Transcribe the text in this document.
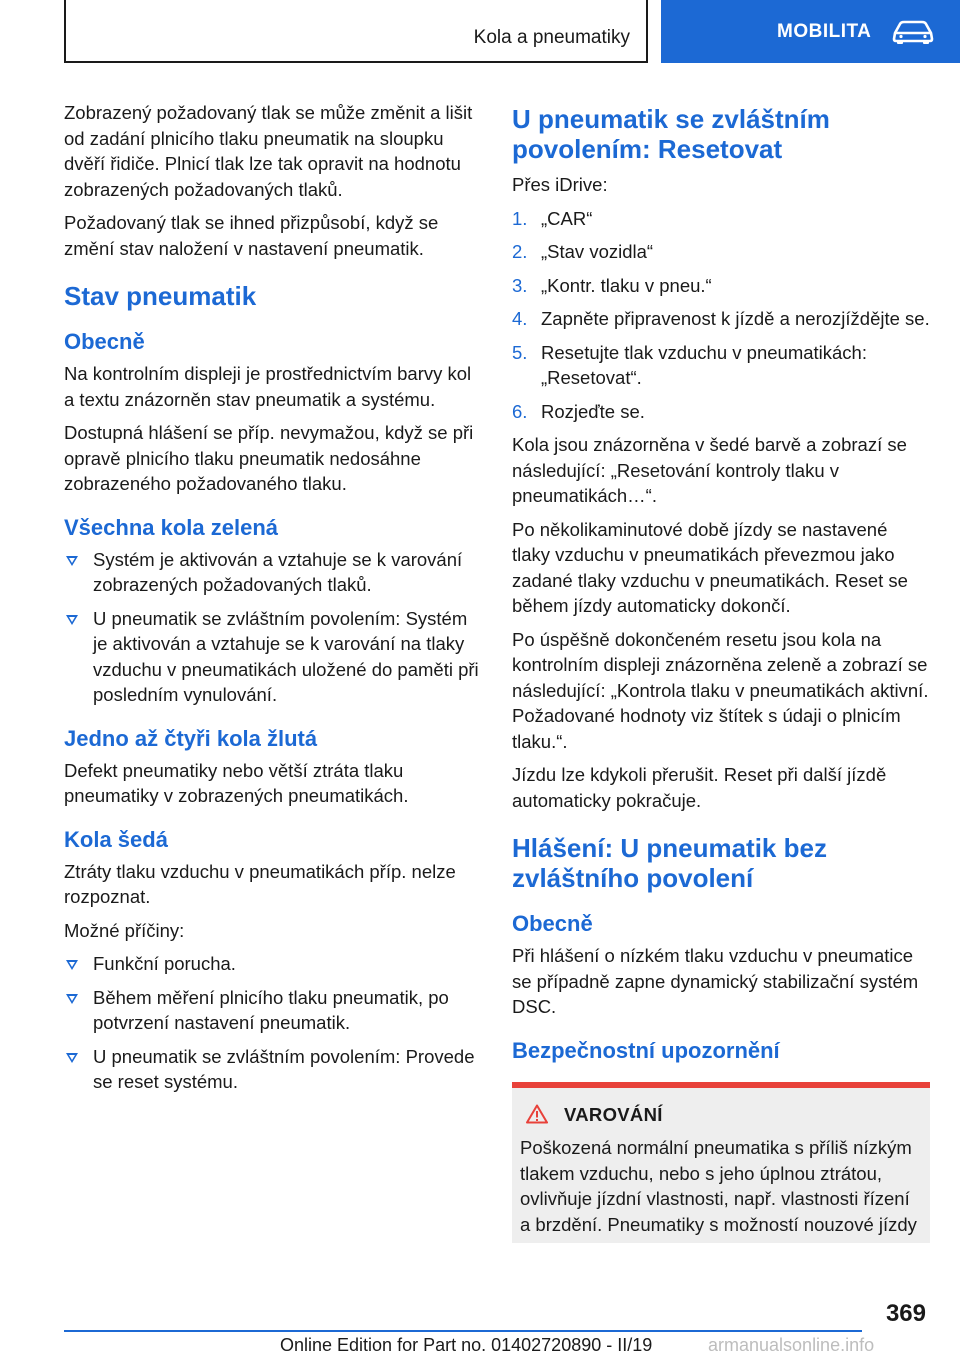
Kola a pneumatiky	MOBILITA

Zobrazený požadovaný tlak se může změnit a lišit od zadání plnicího tlaku pneumatik na sloupku dvěří řidiče. Plnicí tlak lze tak opravit na hodnotu zobrazených požadovaných tlaků.

Požadovaný tlak se ihned přizpůsobí, když se změní stav naložení v nastavení pneumatik.

Stav pneumatik
Obecně

Na kontrolním displeji je prostřednictvím barvy kol a textu znázorněn stav pneumatik a systému.

Dostupná hlášení se příp. nevymažou, když se při opravě plnicího tlaku pneumatik nedosáhne zobrazeného požadovaného tlaku.

Všechna kola zelená
Systém je aktivován a vztahuje se k varování zobrazených požadovaných tlaků.
U pneumatik se zvláštním povolením: Systém je aktivován a vztahuje se k varování na tlaky vzduchu v pneumatikách uložené do paměti při posledním vynulování.
Jedno až čtyři kola žlutá

Defekt pneumatiky nebo větší ztráta tlaku pneumatiky v zobrazených pneumatikách.

Kola šedá

Ztráty tlaku vzduchu v pneumatikách příp. nelze rozpoznat.

Možné příčiny:

Funkční porucha.
Během měření plnicího tlaku pneumatik, po potvrzení nastavení pneumatik.
U pneumatik se zvláštním povolením: Provede se reset systému.
U pneumatik se zvláštním povolením: Resetovat

Přes iDrive:

1. „CAR“
2. „Stav vozidla“
3. „Kontr. tlaku v pneu.“
4. Zapněte připravenost k jízdě a nerozjíždějte se.
5. Resetujte tlak vzduchu v pneumatikách: „Resetovat“.
6. Rozjeďte se.

Kola jsou znázorněna v šedé barvě a zobrazí se následující: „Resetování kontroly tlaku v pneumatikách…“.

Po několikaminutové době jízdy se nastavené tlaky vzduchu v pneumatikách převezmou jako zadané tlaky vzduchu v pneumatikách. Reset se během jízdy automaticky dokončí.

Po úspěšně dokončeném resetu jsou kola na kontrolním displeji znázorněna zeleně a zobrazí se následující: „Kontrola tlaku v pneumatikách aktivní. Požadované hodnoty viz štítek s údaji o plnicím tlaku.“.

Jízdu lze kdykoli přerušit. Reset při další jízdě automaticky pokračuje.

Hlášení: U pneumatik bez zvláštního povolení
Obecně

Při hlášení o nízkém tlaku vzduchu v pneumatice se případně zapne dynamický stabilizační systém DSC.

Bezpečnostní upozornění
VAROVÁNÍ

Poškozená normální pneumatika s příliš nízkým tlakem vzduchu, nebo s jeho úplnou ztrátou, ovlivňuje jízdní vlastnosti, např. vlastnosti řízení a brzdění. Pneumatiky s možností nouzové jízdy

369
Online Edition for Part no. 01402720890 - II/19	armanualsonline.info
